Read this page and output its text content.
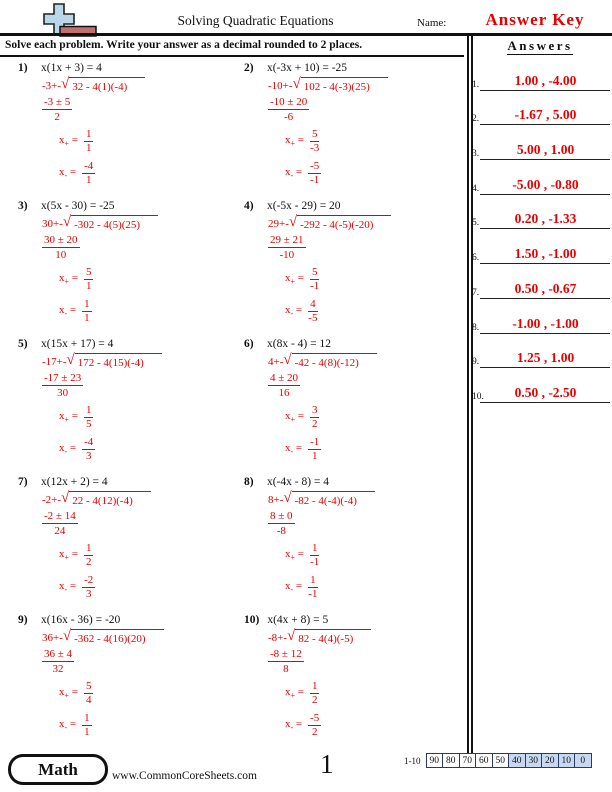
Solving Quadratic Equations	Name:	Answer Key
Solve each problem. Write your answer as a decimal rounded to 2 places.	Answers
1.	1.00 , -4.00
2.	-1.67 , 5.00
3.	5.00 , 1.00
4.	-5.00 , -0.80
5.	0.20 , -1.33
6.	1.50 , -1.00
7.	0.50 , -0.67
8.	-1.00 , -1.00
9.	1.25 , 1.00
10.	0.50 , -2.50
1)	x(1x + 3) = 4
-3+- √ 32 - 4(1)(-4)
$\frac{-3 \pm 5}{2}$
$x_+ = \frac{1}{1}$
$x_- = \frac{-4}{1}$
2)	x(-3x + 10) = -25
-10+- √ 102 - 4(-3)(25)
$\frac{-10 \pm 20}{-6}$
$x_+ = \frac{5}{-3}$
$x_- = \frac{-5}{-1}$
3)	x(5x - 30) = -25
30+- √ -302 - 4(5)(25)
$\frac{30 \pm 20}{10}$
$x_+ = \frac{5}{1}$
$x_- = \frac{1}{1}$
4)	x(-5x - 29) = 20
29+- √ -292 - 4(-5)(-20)
$\frac{29 \pm 21}{-10}$
$x_+ = \frac{5}{-1}$
$x_- = \frac{4}{-5}$
5)	x(15x + 17) = 4
-17+- √ 172 - 4(15)(-4)
$\frac{-17 \pm 23}{30}$
$x_+ = \frac{1}{5}$
$x_- = \frac{-4}{3}$
6)	x(8x - 4) = 12
4+- √ -42 - 4(8)(-12)
$\frac{4 \pm 20}{16}$
$x_+ = \frac{3}{2}$
$x_- = \frac{-1}{1}$
7)	x(12x + 2) = 4
-2+- √ 22 - 4(12)(-4)
$\frac{-2 \pm 14}{24}$
$x_+ = \frac{1}{2}$
$x_- = \frac{-2}{3}$
8)	x(-4x - 8) = 4
8+- √ -82 - 4(-4)(-4)
$\frac{8 \pm 0}{-8}$
$x_+ = \frac{1}{-1}$
$x_- = \frac{1}{-1}$
9)	x(16x - 36) = -20
36+- √ -362 - 4(16)(20)
$\frac{36 \pm 4}{32}$
$x_+ = \frac{5}{4}$
$x_- = \frac{1}{1}$
10) x(4x + 8) = 5
-8+- √ 82 - 4(4)(-5)
$\frac{-8 \pm 12}{8}$
$x_+ = \frac{1}{2}$
$x_- = \frac{-5}{2}$
Math	www.CommonCoreSheets.com 1	1-10 90 80 70 60 50 40 30 20 10 0
